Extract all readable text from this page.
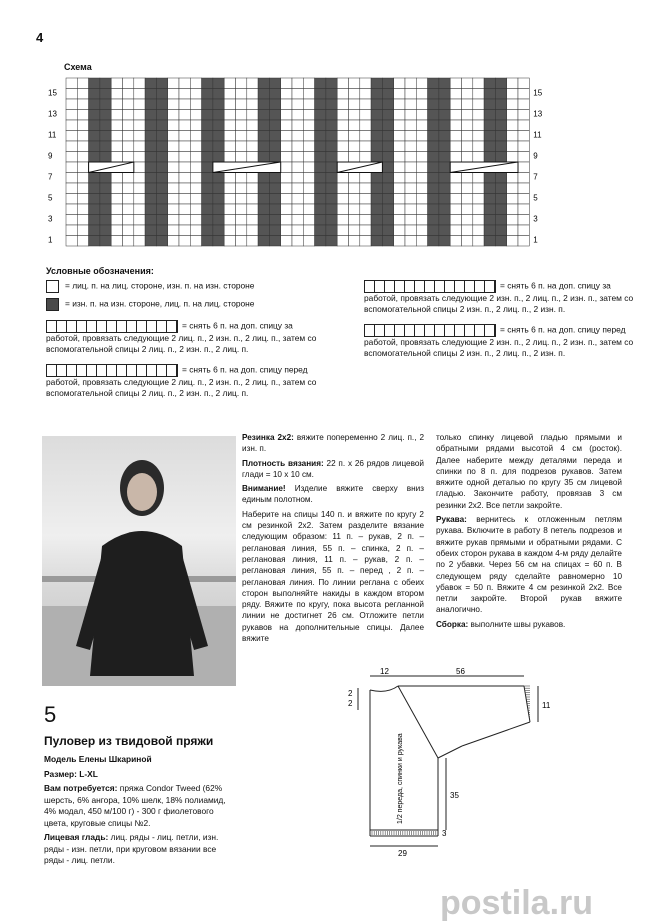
4
Схема
15	15
13	13
11	11
9	9
7	7
5	5
3	3
1	1
Условные обозначения:
= лиц. п. на лиц. стороне, изн. п. на изн. стороне
= изн. п. на изн. стороне, лиц. п. на лиц. стороне
= снять 6 п. на доп. спицу за работой, провязать следующие 2 лиц. п., 2 изн. п., 2 лиц. п., затем со вспомогательной спицы 2 лиц. п., 2 изн. п., 2 лиц. п.
= снять 6 п. на доп. спицу перед работой, провязать следующие 2 лиц. п., 2 изн. п., 2 лиц. п., затем со вспомогательной спицы 2 лиц. п., 2 изн. п., 2 лиц. п.
= снять 6 п. на доп. спицу за работой, провязать следующие 2 изн. п., 2 лиц. п., 2 изн. п., затем со вспомогательной спицы 2 изн. п., 2 лиц. п., 2 изн. п.
= снять 6 п. на доп. спицу перед работой, провязать следующие 2 изн. п., 2 лиц. п., 2 изн. п., затем со вспомогательной спицы 2 изн. п., 2 лиц. п., 2 изн. п.
Резинка 2х2: вяжите попеременно 2 лиц. п., 2 изн. п.
Плотность вязания: 22 п. х 26 рядов лицевой глади = 10 х 10 см.
Внимание! Изделие вяжите сверху вниз единым полотном.
Наберите на спицы 140 п. и вяжите по кругу 2 см резинкой 2х2. Затем разделите вязание следующим образом: 11 п. – рукав, 2 п. – реглановая линия, 55 п. – спинка, 2 п. – реглановая линия, 11 п. – рукав, 2 п. – реглановая линия, 55 п. – перед , 2 п. – реглановая линия. По линии реглана с обеих сторон выполняйте накиды в каждом втором ряду. Вяжите по кругу, пока высота регланной линии не достигнет 26 см. Отложите петли рукавов на дополнительные спицы. Далее вяжите
только спинку лицевой гладью прямыми и обратными рядами высотой 4 см (росток). Далее наберите между деталями переда и спинки по 8 п. для подрезов рукавов. Затем вяжите одной деталью по кругу 35 см лицевой гладью. Закончите работу, провязав 3 см резинки 2х2. Все петли закройте.
Рукава: вернитесь к отложенным петлям рукава. Включите в работу 8 петель подрезов и вяжите рукав прямыми и обратными рядами. С обеих сторон рукава в каждом 4-м ряду делайте по 2 убавки. Через 56 см на спицах = 60 п. В следующем ряду сделайте равномерно 10 убавок = 50 п. Вяжите 4 см резинкой 2х2. Все петли закройте. Второй рукав вяжите аналогично.
Сборка: выполните швы рукавов.
5
Пуловер из твидовой пряжи
Модель Елены Шкариной
Размер: L-XL
Вам потребуется: пряжа Condor Tweed (62% шерсть, 6% ангора, 10% шелк, 18% полиамид, 4% модал, 450 м/100 г) - 300 г фиолетового цвета, круговые спицы №2.
Лицевая гладь: лиц. ряды - лиц. петли, изн. ряды - изн. петли, при круговом вязании все ряды - лиц. петли.
12	56
2
2	11
35
29
3
1/2 переда, спинки и рукава
postila.ru
